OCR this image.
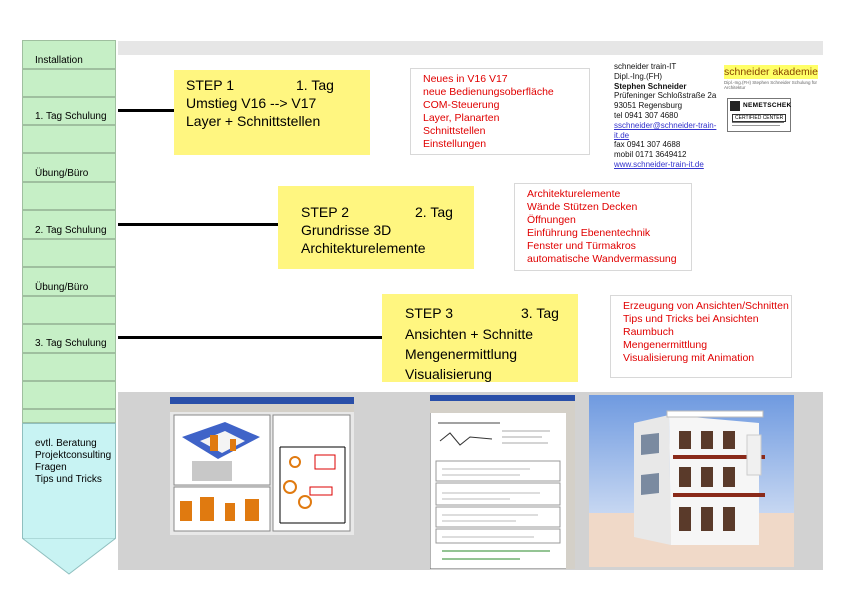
Installation
1. Tag Schulung
Übung/Büro
2. Tag Schulung
Übung/Büro
3. Tag Schulung
evtl. Beratung
Projektconsulting
Fragen
Tips und Tricks
STEP 1	1. Tag
Umstieg V16 --> V17
Layer + Schnittstellen
STEP 2	2. Tag
Grundrisse 3D
Architekturelemente
STEP 3	3. Tag
Ansichten + Schnitte
Mengenermittlung
Visualisierung
Neues in V16 V17
neue Bedienungsoberfläche
COM-Steuerung
Layer, Planarten
Schnittstellen
Einstellungen
Architekturelemente
Wände Stützen Decken
Öffnungen
Einführung Ebenentechnik
Fenster und Türmakros
automatische Wandvermassung
Erzeugung von Ansichten/Schnitten
Tips und Tricks bei Ansichten
Raumbuch
Mengenermittlung
Visualisierung mit Animation
schneider train-IT
Dipl.-Ing.(FH)
Stephen Schneider
Prüfeninger Schloßstraße 2a
93051 Regensburg
tel 0941 307 4680
sschneider@schneider-train-it.de
fax 0941 307 4688
mobil 0171 3649412
www.schneider-train-it.de
schneider akademie
Dipl.-Ing.(FH) Stephen Schneider Schulung für Architektur
NEMETSCHEK
CERTIFIED CENTER
